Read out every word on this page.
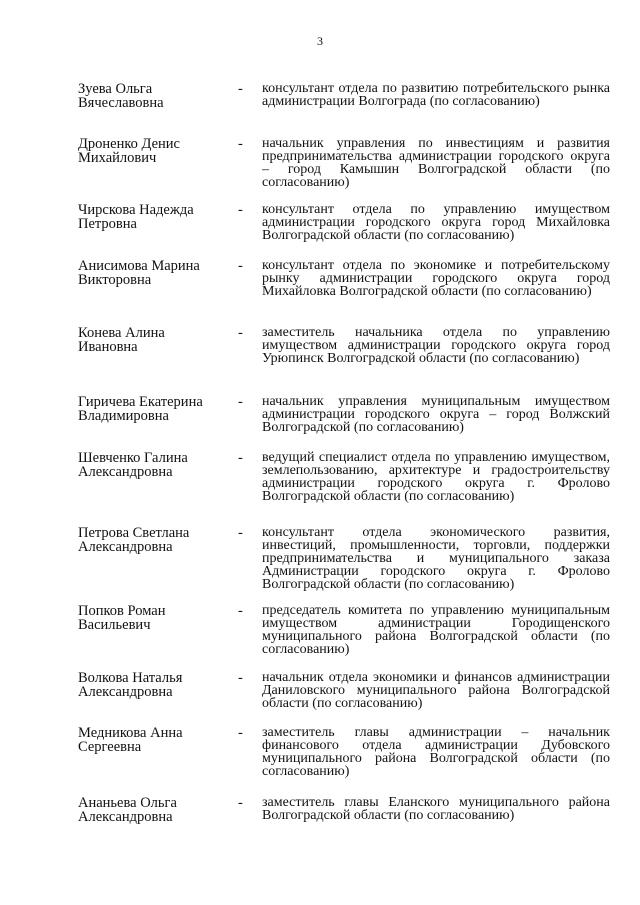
3
Зуева Ольга
Вячеславовна
- консультант отдела по развитию потребительского рынка администрации Волгограда (по согласованию)
Дроненко Денис
Михайлович
- начальник управления по инвестициям и развития предпринимательства администрации городского округа – город Камышин Волгоградской области (по согласованию)
Чирскова Надежда
Петровна
- консультант отдела по управлению имуществом администрации городского округа город Михайловка Волгоградской области (по согласованию)
Анисимова Марина
Викторовна
- консультант отдела по экономике и потребительскому рынку администрации городского округа город Михайловка Волгоградской области (по согласованию)
Конева Алина
Ивановна
- заместитель начальника отдела по управлению имуществом администрации городского округа город Урюпинск Волгоградской области (по согласованию)
Гиричева Екатерина
Владимировна
- начальник управления муниципальным имуществом администрации городского округа – город Волжский Волгоградской (по согласованию)
Шевченко Галина
Александровна
- ведущий специалист отдела по управлению имуществом, землепользованию, архитектуре и градостроительству администрации городского округа г. Фролово Волгоградской области (по согласованию)
Петрова Светлана
Александровна
- консультант отдела экономического развития, инвестиций, промышленности, торговли, поддержки предпринимательства и муниципального заказа Администрации городского округа г. Фролово Волгоградской области (по согласованию)
Попков Роман
Васильевич
- председатель комитета по управлению муниципальным имуществом администрации Городищенского муниципального района Волгоградской области (по согласованию)
Волкова Наталья
Александровна
- начальник отдела экономики и финансов администрации Даниловского муниципального района Волгоградской области (по согласованию)
Медникова Анна
Сергеевна
- заместитель главы администрации – начальник финансового отдела администрации Дубовского муниципального района Волгоградской области (по согласованию)
Ананьева Ольга
Александровна
- заместитель главы Еланского муниципального района Волгоградской области (по согласованию)
